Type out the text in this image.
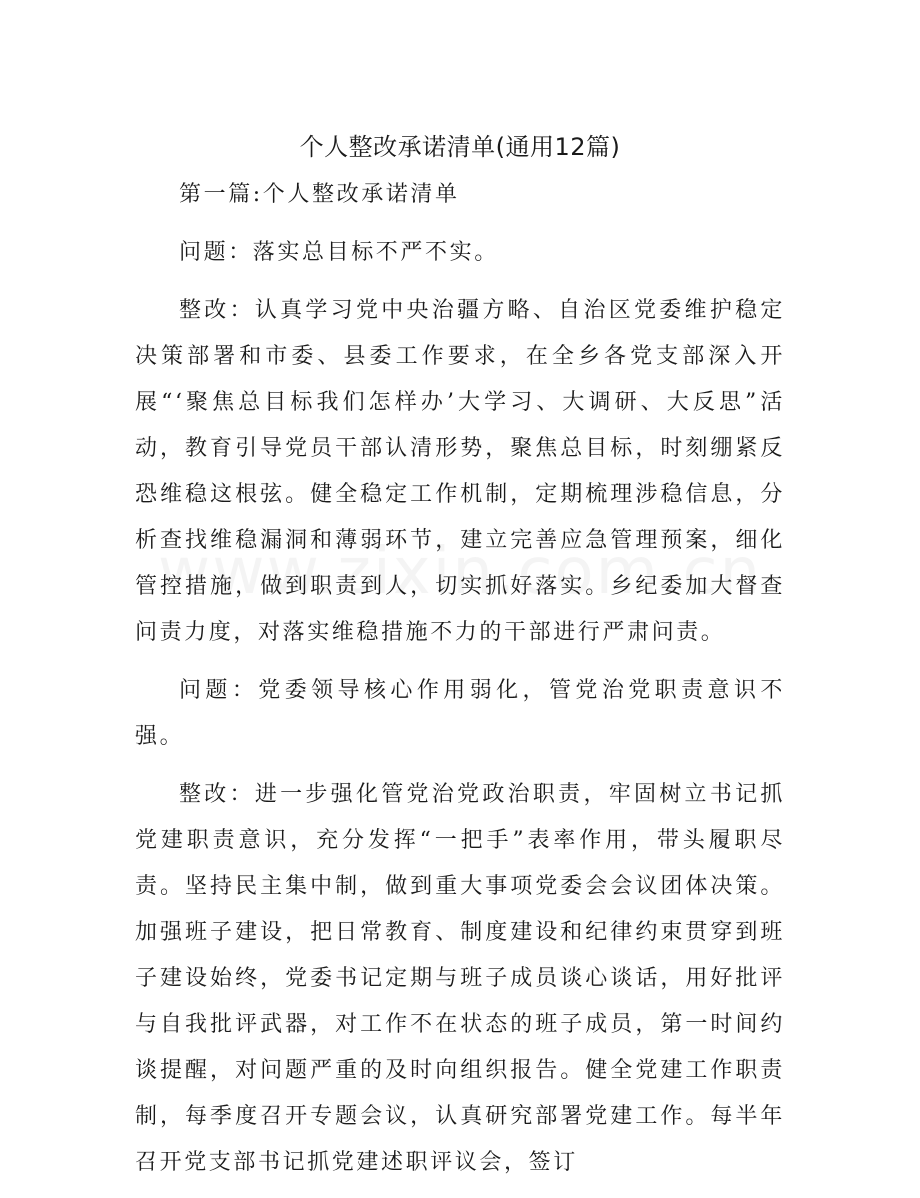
个人整改承诺清单(通用12篇)

第一篇:个人整改承诺清单

问题：落实总目标不严不实。

整改：认真学习党中央治疆方略、自治区党委维护稳定决策部署和市委、县委工作要求，在全乡各党支部深入开展“‘聚焦总目标我们怎样办’大学习、大调研、大反思”活动，教育引导党员干部认清形势，聚焦总目标，时刻绷紧反恐维稳这根弦。健全稳定工作机制，定期梳理涉稳信息，分析查找维稳漏洞和薄弱环节，建立完善应急管理预案，细化管控措施，做到职责到人，切实抓好落实。乡纪委加大督查问责力度，对落实维稳措施不力的干部进行严肃问责。

问题：党委领导核心作用弱化，管党治党职责意识不强。

整改：进一步强化管党治党政治职责，牢固树立书记抓党建职责意识，充分发挥“一把手”表率作用，带头履职尽责。坚持民主集中制，做到重大事项党委会会议团体决策。加强班子建设，把日常教育、制度建设和纪律约束贯穿到班子建设始终，党委书记定期与班子成员谈心谈话，用好批评与自我批评武器，对工作不在状态的班子成员，第一时间约谈提醒，对问题严重的及时向组织报告。健全党建工作职责制，每季度召开专题会议，认真研究部署党建工作。每半年召开党支部书记抓党建述职评议会，签订
